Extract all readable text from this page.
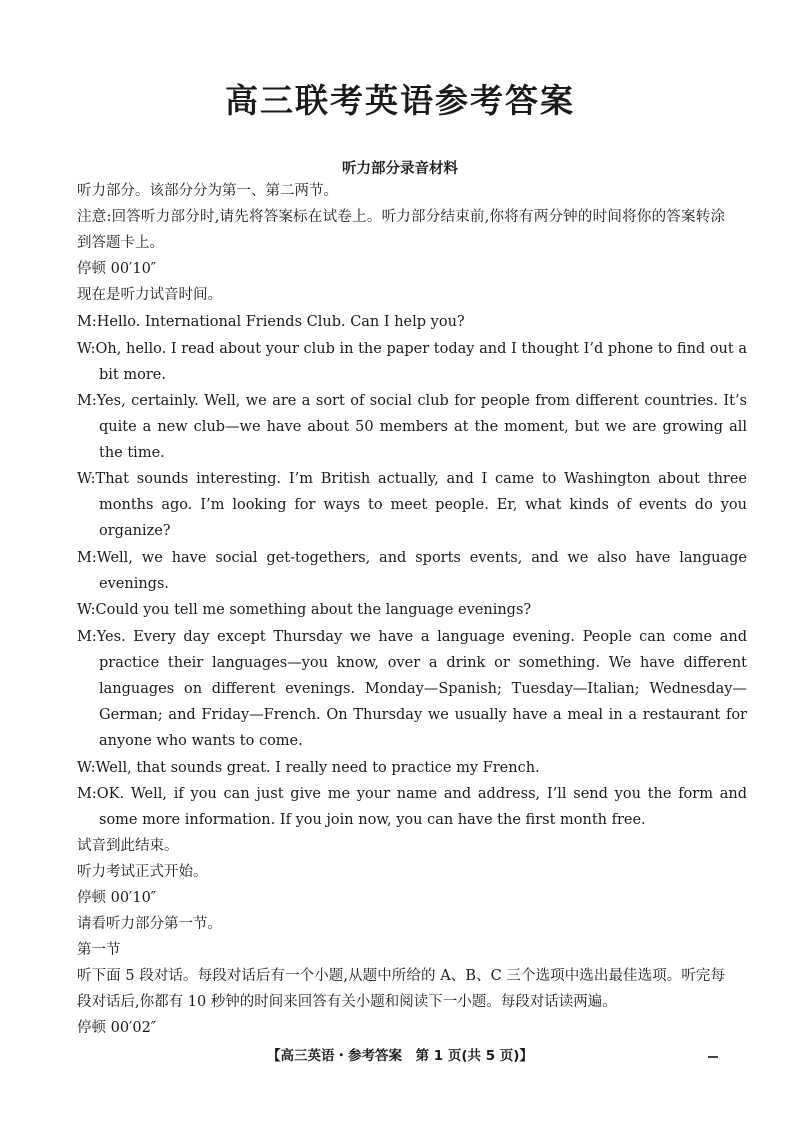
高三联考英语参考答案
听力部分录音材料
听力部分。该部分分为第一、第二两节。
注意:回答听力部分时,请先将答案标在试卷上。听力部分结束前,你将有两分钟的时间将你的答案转涂到答题卡上。
停顿 00′10″
现在是听力试音时间。
M:Hello. International Friends Club. Can I help you?
W:Oh, hello. I read about your club in the paper today and I thought I’d phone to find out a bit more.
M:Yes, certainly. Well, we are a sort of social club for people from different countries. It’s quite a new club—we have about 50 members at the moment, but we are growing all the time.
W:That sounds interesting. I’m British actually, and I came to Washington about three months ago. I’m looking for ways to meet people. Er, what kinds of events do you organize?
M:Well, we have social get-togethers, and sports events, and we also have language evenings.
W:Could you tell me something about the language evenings?
M:Yes. Every day except Thursday we have a language evening. People can come and practice their languages—you know, over a drink or something. We have different languages on different evenings. Monday—Spanish; Tuesday—Italian; Wednesday—German; and Friday—French. On Thursday we usually have a meal in a restaurant for anyone who wants to come.
W:Well, that sounds great. I really need to practice my French.
M:OK. Well, if you can just give me your name and address, I’ll send you the form and some more information. If you join now, you can have the first month free.
试音到此结束。
听力考试正式开始。
停顿 00′10″
请看听力部分第一节。
第一节
听下面 5 段对话。每段对话后有一个小题,从题中所给的 A、B、C 三个选项中选出最佳选项。听完每段对话后,你都有 10 秒钟的时间来回答有关小题和阅读下一小题。每段对话读两遍。
停顿 00′02″
【高三英语・参考答案　第 1 页(共 5 页)】
